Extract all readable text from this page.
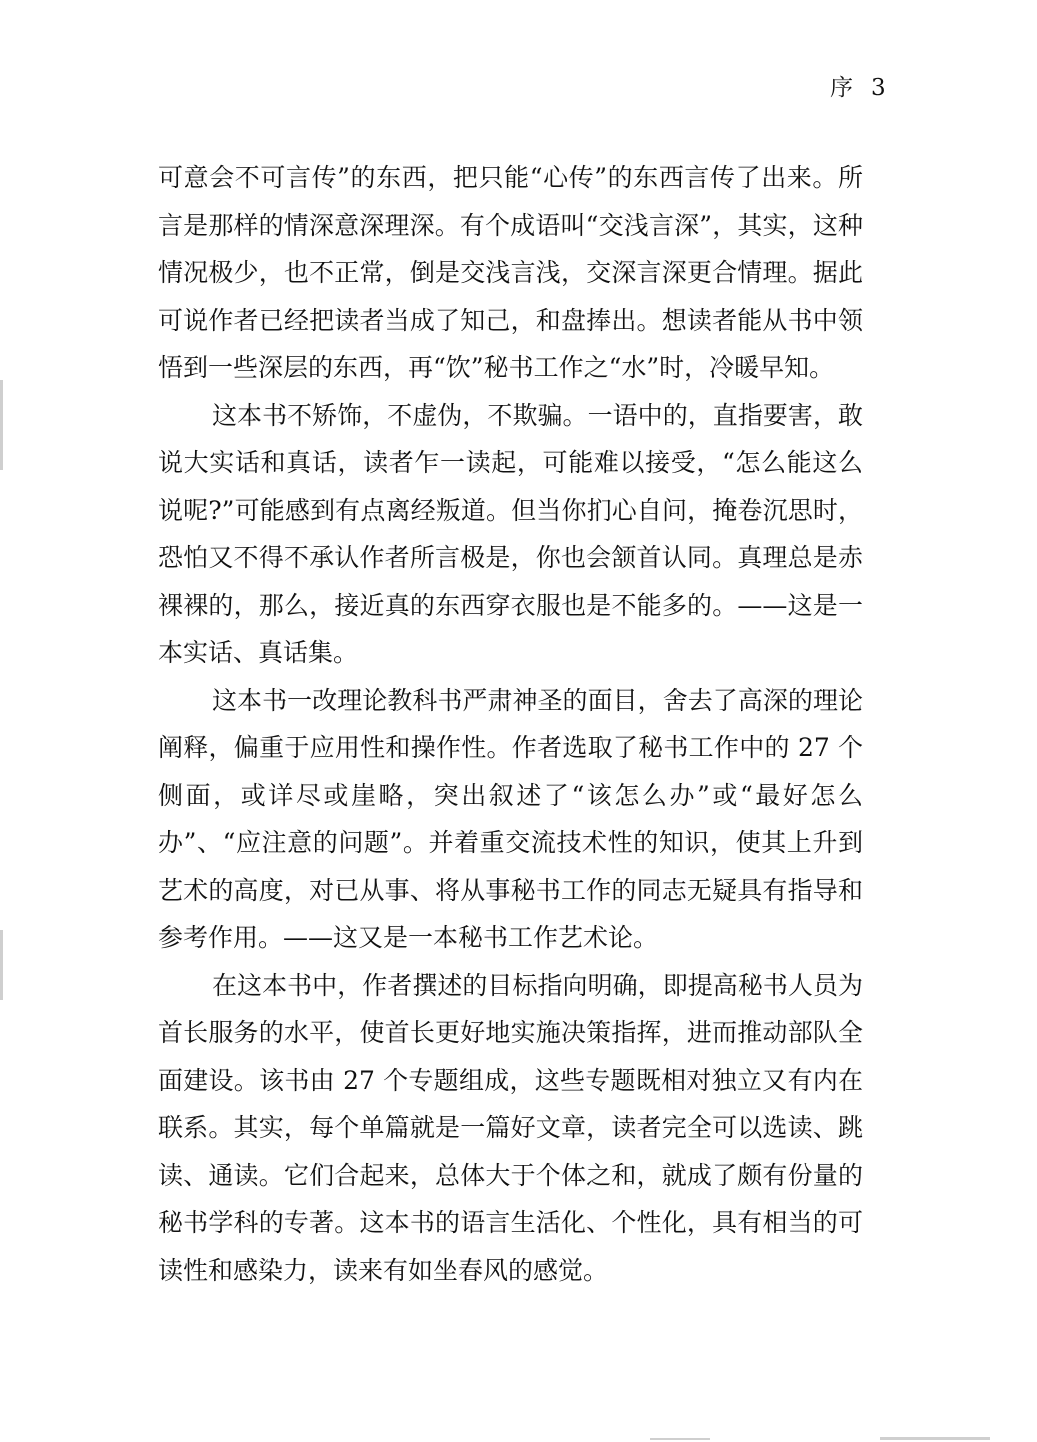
序 3

可意会不可言传”的东西，把只能“心传”的东西言传了出来。所言是那样的情深意深理深。有个成语叫“交浅言深”，其实，这种情况极少，也不正常，倒是交浅言浅，交深言深更合情理。据此可说作者已经把读者当成了知己，和盘捧出。想读者能从书中领悟到一些深层的东西，再“饮”秘书工作之“水”时，冷暖早知。

这本书不矫饰，不虚伪，不欺骗。一语中的，直指要害，敢说大实话和真话，读者乍一读起，可能难以接受，“怎么能这么说呢?”可能感到有点离经叛道。但当你扪心自问，掩卷沉思时，恐怕又不得不承认作者所言极是，你也会颔首认同。真理总是赤裸裸的，那么，接近真的东西穿衣服也是不能多的。——这是一本实话、真话集。

这本书一改理论教科书严肃神圣的面目，舍去了高深的理论阐释，偏重于应用性和操作性。作者选取了秘书工作中的 27 个侧面，或详尽或崖略，突出叙述了“该怎么办”或“最好怎么办”、“应注意的问题”。并着重交流技术性的知识，使其上升到艺术的高度，对已从事、将从事秘书工作的同志无疑具有指导和参考作用。——这又是一本秘书工作艺术论。

在这本书中，作者撰述的目标指向明确，即提高秘书人员为首长服务的水平，使首长更好地实施决策指挥，进而推动部队全面建设。该书由 27 个专题组成，这些专题既相对独立又有内在联系。其实，每个单篇就是一篇好文章，读者完全可以选读、跳读、通读。它们合起来，总体大于个体之和，就成了颇有份量的秘书学科的专著。这本书的语言生活化、个性化，具有相当的可读性和感染力，读来有如坐春风的感觉。
